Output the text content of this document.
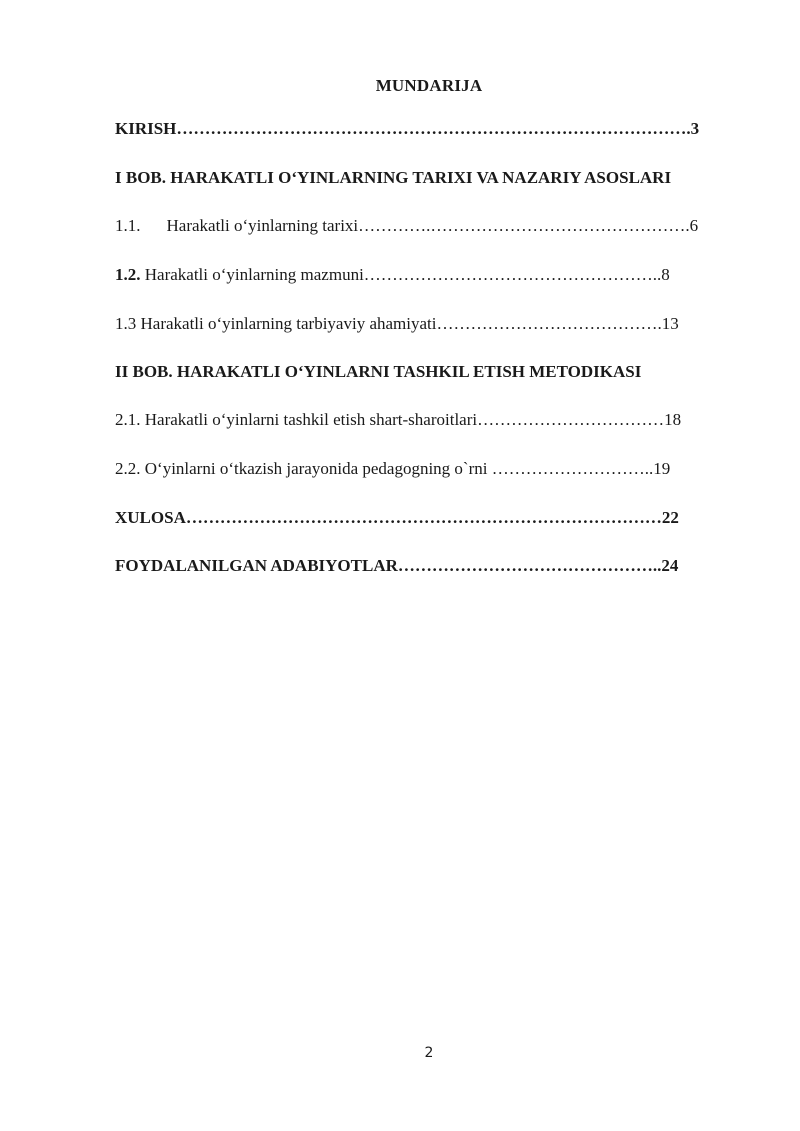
MUNDARIJA
KIRISH……………………………………………………………………………….3
I BOB. HARAKATLI O‘YINLARNING TARIXI VA NAZARIY ASOSLARI
1.1. Harakatli o‘yinlarning tarixi………….……………………………………….6
1.2. Harakatli o‘yinlarning mazmuni……………………………………………..8
1.3 Harakatli o‘yinlarning tarbiyaviy ahamiyati………………………………….13
II BOB. HARAKATLI O‘YINLARNI TASHKIL ETISH METODIKASI
2.1. Harakatli o‘yinlarni tashkil etish shart-sharoitlari……………………………18
2.2. O‘yinlarni o‘tkazish jarayonida pedagogning o`rni ………………………..19
XULOSA…………………………………………………………………………22
FOYDALANILGAN ADABIYOTLAR………………………………………..24
2
